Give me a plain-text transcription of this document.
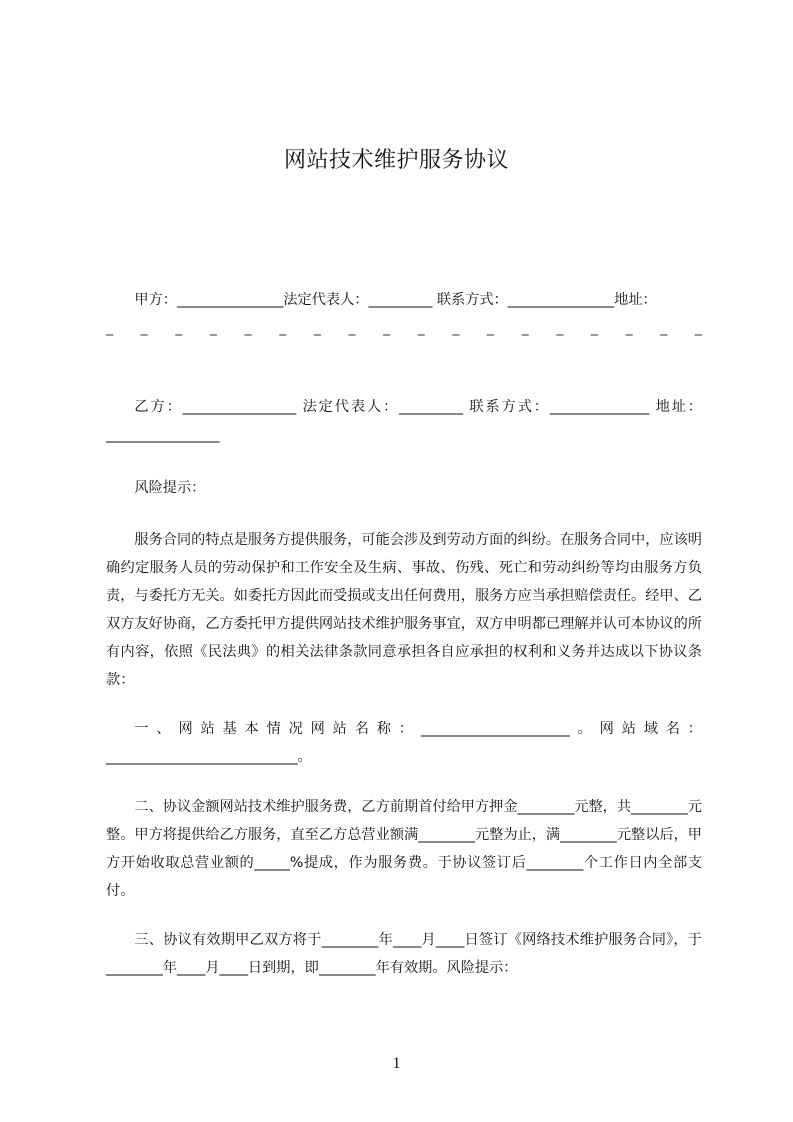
网站技术维护服务协议

甲方：_______________法定代表人：_________ 联系方式：_______________地址：

_ _ _ _ _ _ _ _ _ _ _ _ _ _ _ _ _ _

乙方：________________ 法定代表人：_________ 联系方式：______________ 地址：________________

风险提示：

服务合同的特点是服务方提供服务，可能会涉及到劳动方面的纠纷。在服务合同中，应该明确约定服务人员的劳动保护和工作安全及生病、事故、伤残、死亡和劳动纠纷等均由服务方负责，与委托方无关。如委托方因此而受损或支出任何费用，服务方应当承担赔偿责任。经甲、乙双方友好协商，乙方委托甲方提供网站技术维护服务事宜，双方申明都已理解并认可本协议的所有内容，依照《民法典》的相关法律条款同意承担各自应承担的权利和义务并达成以下协议条款：

一、网站基本情况网站名称：_____________________。网站域名：___________________________。

二、协议金额网站技术维护服务费，乙方前期首付给甲方押金________元整，共________元整。甲方将提供给乙方服务，直至乙方总营业额满________元整为止，满________元整以后，甲方开始收取总营业额的_____%提成，作为服务费。于协议签订后________个工作日内全部支付。

三、协议有效期甲乙双方将于________年____月____日签订《网络技术维护服务合同》，于________年____月____日到期，即________年有效期。风险提示：

1
